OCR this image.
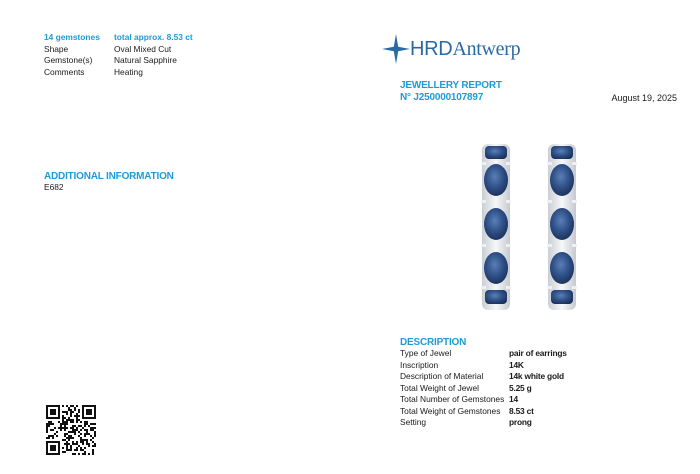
14 gemstones	total approx. 8.53 ct
Shape	Oval Mixed Cut
Gemstone(s)	Natural Sapphire
Comments	Heating
ADDITIONAL INFORMATION
E682
HRDAntwerp
JEWELLERY REPORT
N° J250000107897	August 19, 2025
DESCRIPTION
Type of Jewel	pair of earrings
Inscription	14K
Description of Material	14k white gold
Total Weight of Jewel	5.25 g
Total Number of Gemstones 14
Total Weight of Gemstones	8.53 ct
Setting	prong
